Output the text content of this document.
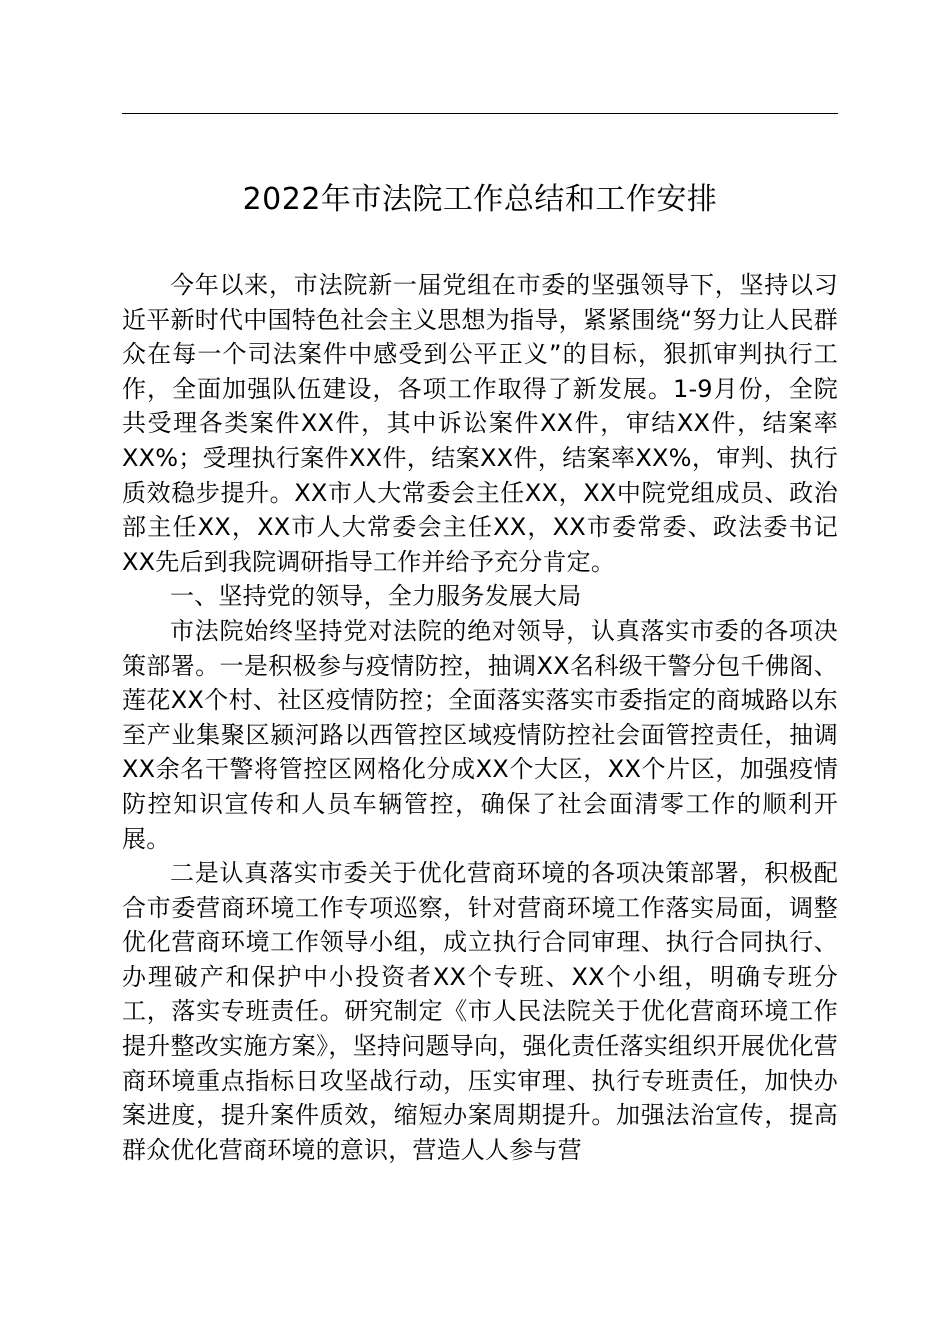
2022年市法院工作总结和工作安排

今年以来，市法院新一届党组在市委的坚强领导下，坚持以习近平新时代中国特色社会主义思想为指导，紧紧围绕“努力让人民群众在每一个司法案件中感受到公平正义”的目标，狠抓审判执行工作，全面加强队伍建设，各项工作取得了新发展。1-9月份，全院共受理各类案件XX件，其中诉讼案件XX件，审结XX件，结案率XX%；受理执行案件XX件，结案XX件，结案率XX%，审判、执行质效稳步提升。XX市人大常委会主任XX，XX中院党组成员、政治部主任XX，XX市人大常委会主任XX，XX市委常委、政法委书记XX先后到我院调研指导工作并给予充分肯定。

一、坚持党的领导，全力服务发展大局

市法院始终坚持党对法院的绝对领导，认真落实市委的各项决策部署。一是积极参与疫情防控，抽调XX名科级干警分包千佛阁、莲花XX个村、社区疫情防控；全面落实落实市委指定的商城路以东至产业集聚区颍河路以西管控区域疫情防控社会面管控责任，抽调XX余名干警将管控区网格化分成XX个大区，XX个片区，加强疫情防控知识宣传和人员车辆管控，确保了社会面清零工作的顺利开展。

二是认真落实市委关于优化营商环境的各项决策部署，积极配合市委营商环境工作专项巡察，针对营商环境工作落实局面，调整优化营商环境工作领导小组，成立执行合同审理、执行合同执行、办理破产和保护中小投资者XX个专班、XX个小组，明确专班分工，落实专班责任。研究制定《市人民法院关于优化营商环境工作提升整改实施方案》，坚持问题导向，强化责任落实组织开展优化营商环境重点指标日攻坚战行动，压实审理、执行专班责任，加快办案进度，提升案件质效，缩短办案周期提升。加强法治宣传，提高群众优化营商环境的意识，营造人人参与营
